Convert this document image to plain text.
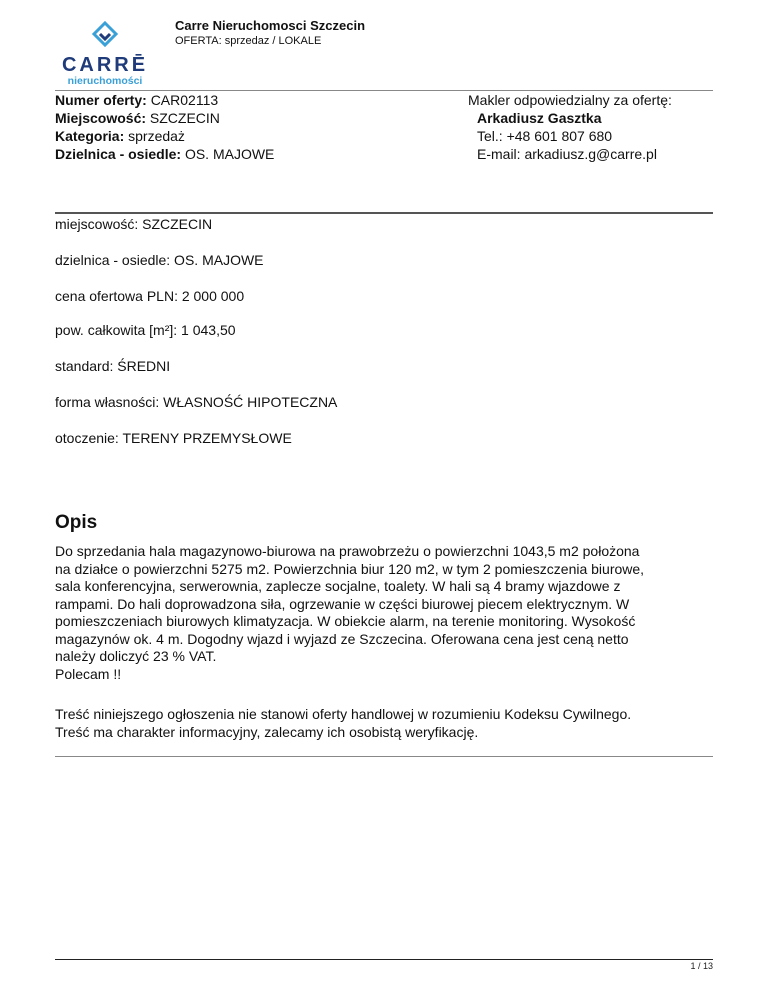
CARRĒ
nieruchomości
Carre Nieruchomosci Szczecin
OFERTA: sprzedaz / LOKALE
Numer oferty: CAR02113
Miejscowość: SZCZECIN
Kategoria: sprzedaż
Dzielnica - osiedle: OS. MAJOWE
Makler odpowiedzialny za ofertę:
Arkadiusz Gasztka
Tel.: +48 601 807 680
E-mail: arkadiusz.g@carre.pl
miejscowość: SZCZECIN
dzielnica - osiedle: OS. MAJOWE
cena ofertowa PLN: 2 000 000
pow. całkowita [m²]: 1 043,50
standard: ŚREDNI
forma własności: WŁASNOŚĆ HIPOTECZNA
otoczenie: TERENY PRZEMYSŁOWE
Opis

Do sprzedania hala magazynowo-biurowa na prawobrzeżu o powierzchni 1043,5 m2 położona

na działce o powierzchni 5275 m2. Powierzchnia biur 120 m2, w tym 2 pomieszczenia biurowe,

sala konferencyjna, serwerownia, zaplecze socjalne, toalety. W hali są 4 bramy wjazdowe z

rampami. Do hali doprowadzona siła, ogrzewanie w części biurowej piecem elektrycznym. W

pomieszczeniach biurowych klimatyzacja. W obiekcie alarm, na terenie monitoring. Wysokość

magazynów ok. 4 m. Dogodny wjazd i wyjazd ze Szczecina. Oferowana cena jest ceną netto

należy doliczyć 23 % VAT.

Polecam !!

Treść niniejszego ogłoszenia nie stanowi oferty handlowej w rozumieniu Kodeksu Cywilnego.

Treść ma charakter informacyjny, zalecamy ich osobistą weryfikację.

1 / 13
